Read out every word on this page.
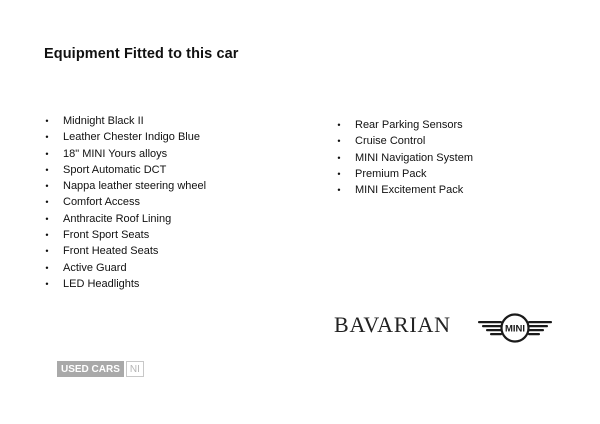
Equipment Fitted to this car
• Midnight Black II
• Leather Chester Indigo Blue
• 18" MINI Yours alloys
• Sport Automatic DCT
• Nappa leather steering wheel
• Comfort Access
• Anthracite Roof Lining
• Front Sport Seats
• Front Heated Seats
• Active Guard
• LED Headlights
• Rear Parking Sensors
• Cruise Control
• MINI Navigation System
• Premium Pack
• MINI Excitement Pack
BAVARIAN	MINI
USED CARS	NI
